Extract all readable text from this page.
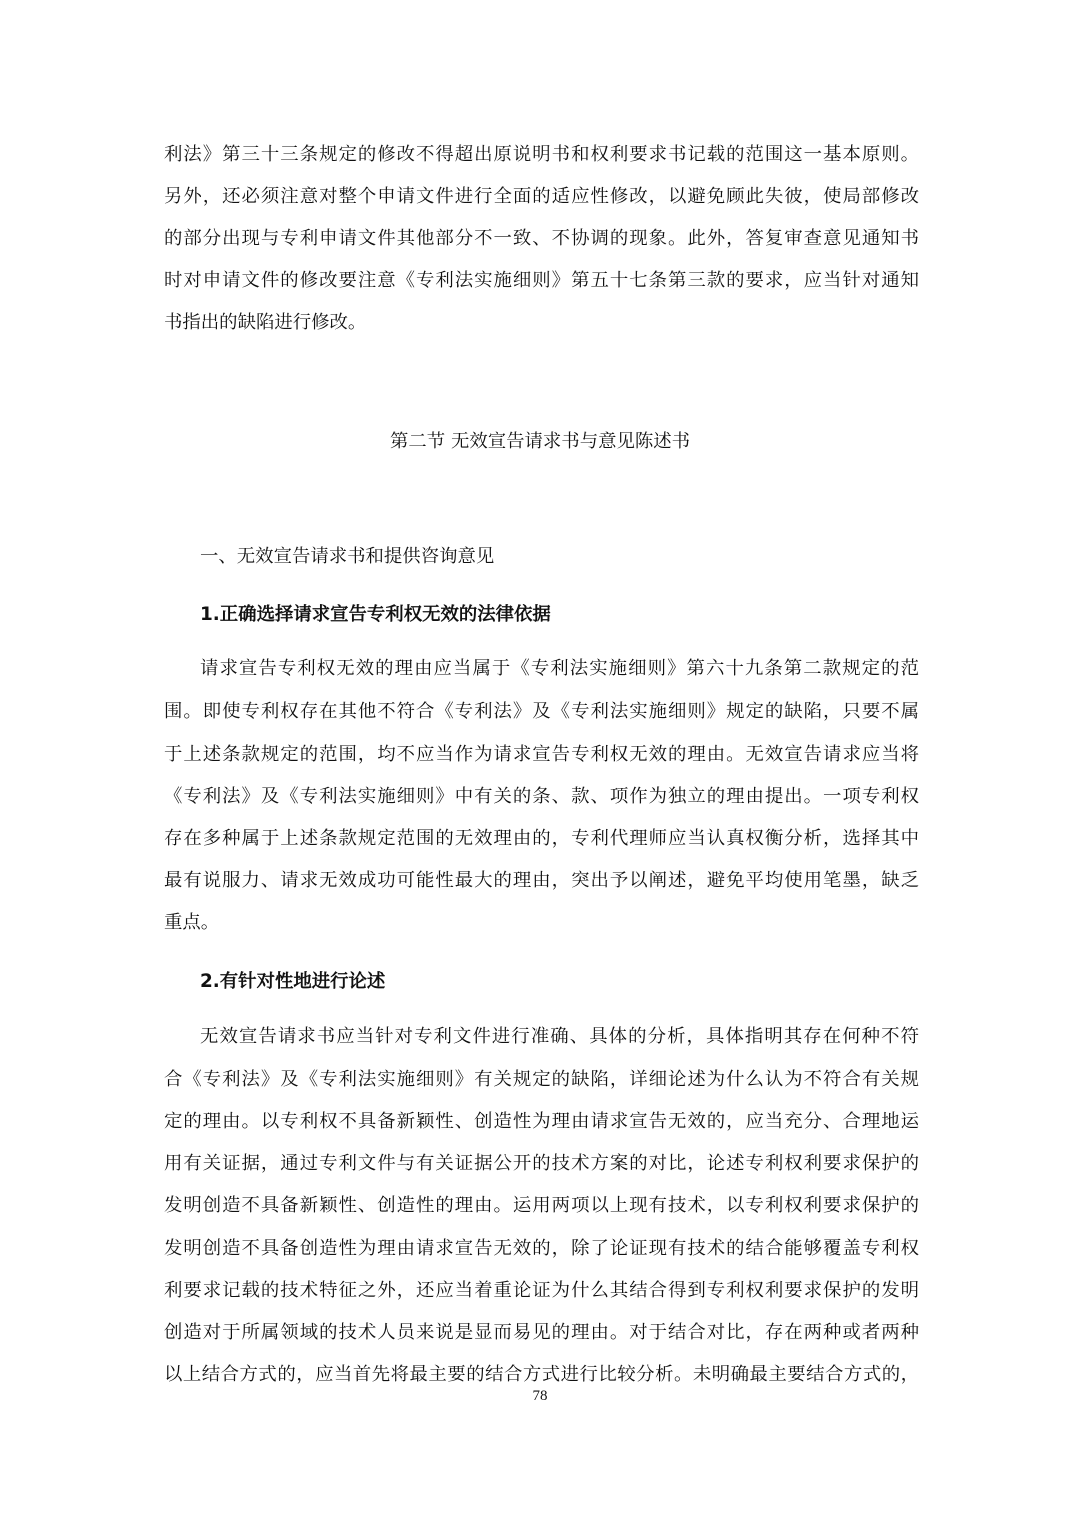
利法》第三十三条规定的修改不得超出原说明书和权利要求书记载的范围这一基本原则。
另外，还必须注意对整个申请文件进行全面的适应性修改，以避免顾此失彼，使局部修改
的部分出现与专利申请文件其他部分不一致、不协调的现象。此外，答复审查意见通知书
时对申请文件的修改要注意《专利法实施细则》第五十七条第三款的要求，应当针对通知
书指出的缺陷进行修改。
第二节 无效宣告请求书与意见陈述书
一、无效宣告请求书和提供咨询意见
1.正确选择请求宣告专利权无效的法律依据
请求宣告专利权无效的理由应当属于《专利法实施细则》第六十九条第二款规定的范
围。即使专利权存在其他不符合《专利法》及《专利法实施细则》规定的缺陷，只要不属
于上述条款规定的范围，均不应当作为请求宣告专利权无效的理由。无效宣告请求应当将
《专利法》及《专利法实施细则》中有关的条、款、项作为独立的理由提出。一项专利权
存在多种属于上述条款规定范围的无效理由的，专利代理师应当认真权衡分析，选择其中
最有说服力、请求无效成功可能性最大的理由，突出予以阐述，避免平均使用笔墨，缺乏
重点。
2.有针对性地进行论述
无效宣告请求书应当针对专利文件进行准确、具体的分析，具体指明其存在何种不符
合《专利法》及《专利法实施细则》有关规定的缺陷，详细论述为什么认为不符合有关规
定的理由。以专利权不具备新颖性、创造性为理由请求宣告无效的，应当充分、合理地运
用有关证据，通过专利文件与有关证据公开的技术方案的对比，论述专利权利要求保护的
发明创造不具备新颖性、创造性的理由。运用两项以上现有技术，以专利权利要求保护的
发明创造不具备创造性为理由请求宣告无效的，除了论证现有技术的结合能够覆盖专利权
利要求记载的技术特征之外，还应当着重论证为什么其结合得到专利权利要求保护的发明
创造对于所属领域的技术人员来说是显而易见的理由。对于结合对比，存在两种或者两种
以上结合方式的，应当首先将最主要的结合方式进行比较分析。未明确最主要结合方式的，
78
